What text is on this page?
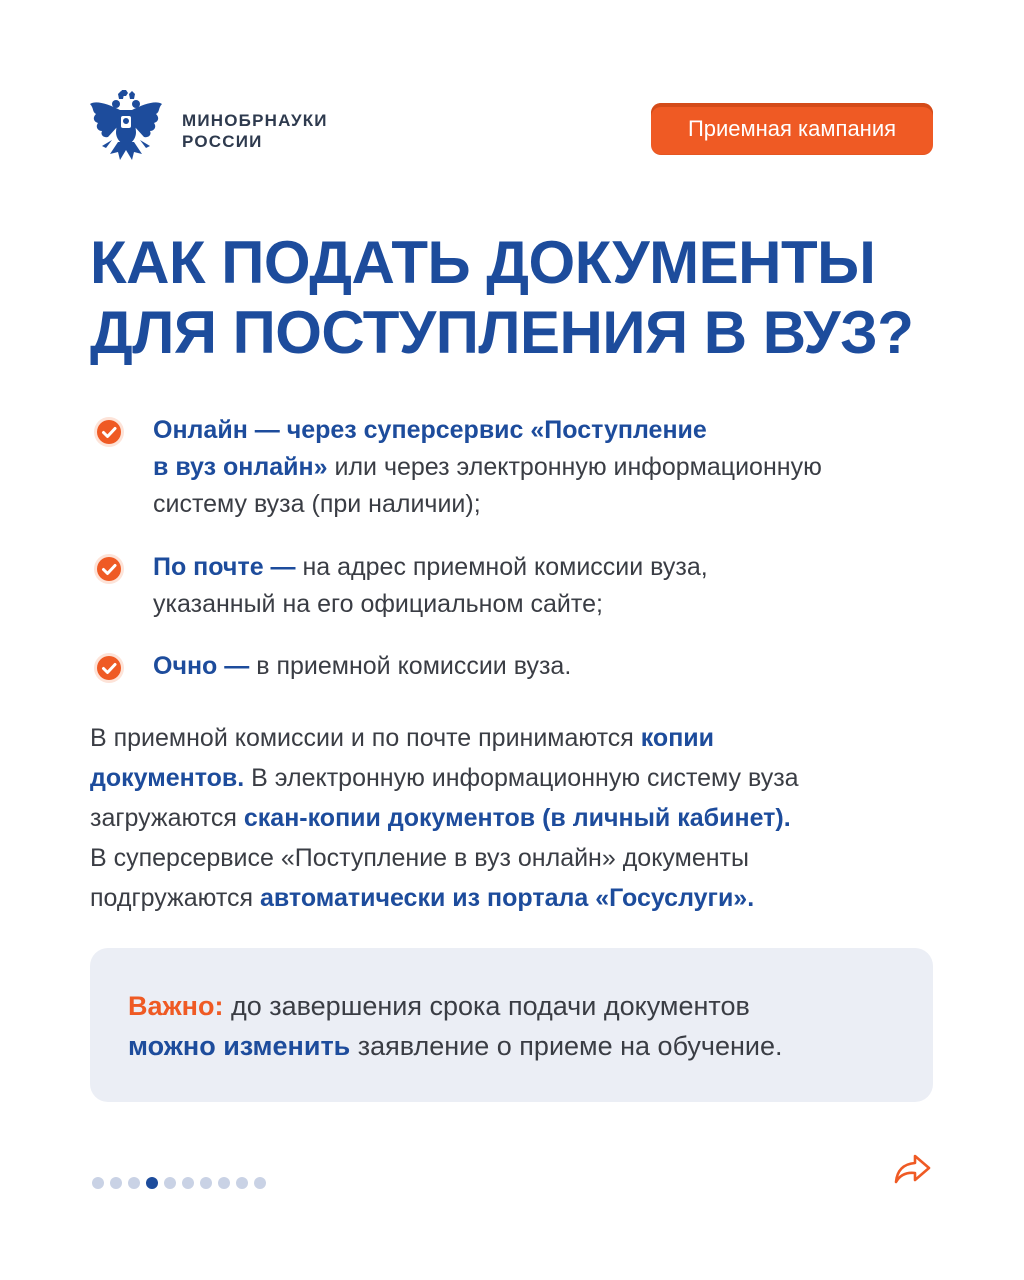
МИНОБРНАУКИ
РОССИИ
Приемная кампания
КАК ПОДАТЬ ДОКУМЕНТЫ
ДЛЯ ПОСТУПЛЕНИЯ В ВУЗ?
Онлайн — через суперсервис «Поступление
в вуз онлайн» или через электронную информационную
систему вуза (при наличии);
По почте — на адрес приемной комиссии вуза,
указанный на его официальном сайте;
Очно — в приемной комиссии вуза.
В приемной комиссии и по почте принимаются копии
документов. В электронную информационную систему вуза
загружаются скан-копии документов (в личный кабинет).
В суперсервисе «Поступление в вуз онлайн» документы
подгружаются автоматически из портала «Госуслуги».
Важно: до завершения срока подачи документов
можно изменить заявление о приеме на обучение.
